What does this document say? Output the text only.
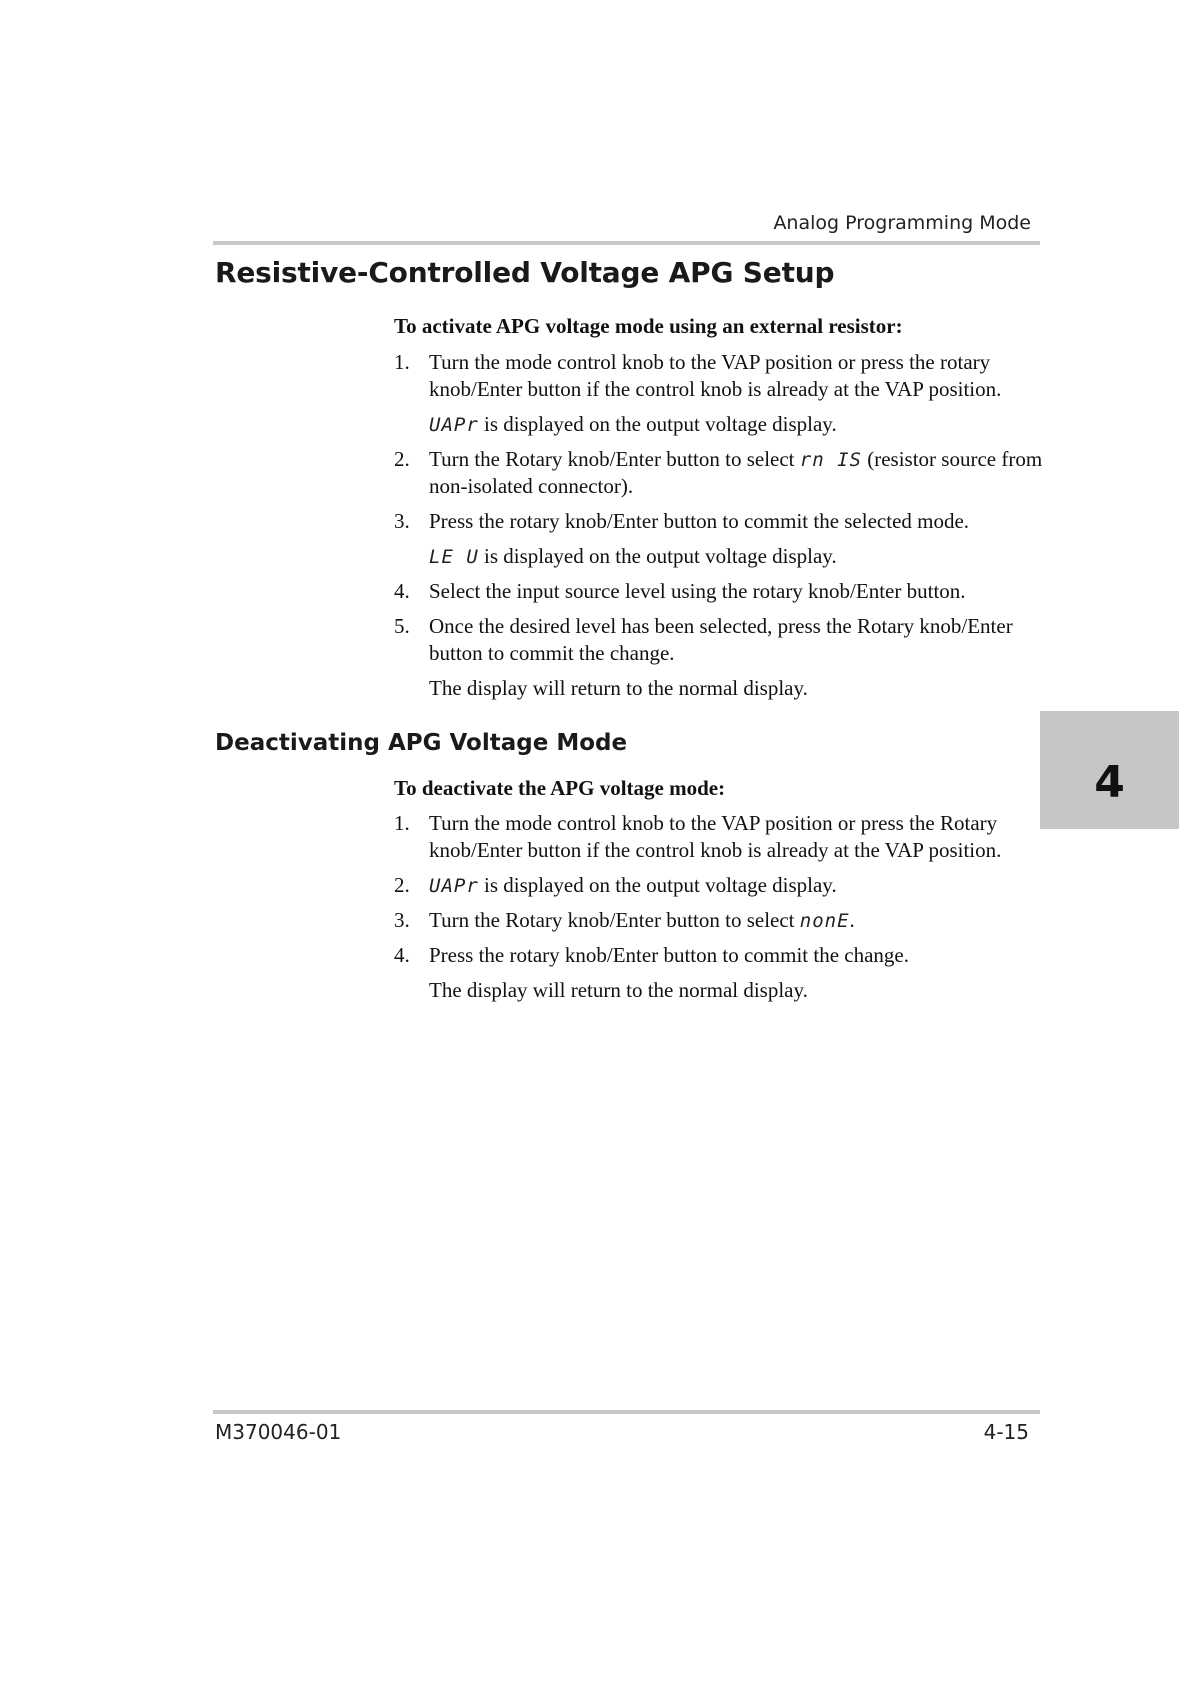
Analog Programming Mode
Resistive-Controlled Voltage APG Setup
To activate APG voltage mode using an external resistor:
1. Turn the mode control knob to the VAP position or press the rotary
knob/Enter button if the control knob is already at the VAP position.
UAPr is displayed on the output voltage display.
2. Turn the Rotary knob/Enter button to select rn IS (resistor source from
non-isolated connector).
3. Press the rotary knob/Enter button to commit the selected mode.
LE U is displayed on the output voltage display.
4. Select the input source level using the rotary knob/Enter button.
5. Once the desired level has been selected, press the Rotary knob/Enter
button to commit the change.
The display will return to the normal display.
Deactivating APG Voltage Mode
To deactivate the APG voltage mode:
1. Turn the mode control knob to the VAP position or press the Rotary
knob/Enter button if the control knob is already at the VAP position.
2. UAPr is displayed on the output voltage display.
3. Turn the Rotary knob/Enter button to select nonE.
4. Press the rotary knob/Enter button to commit the change.
The display will return to the normal display.
4
M370046-01	4-15
